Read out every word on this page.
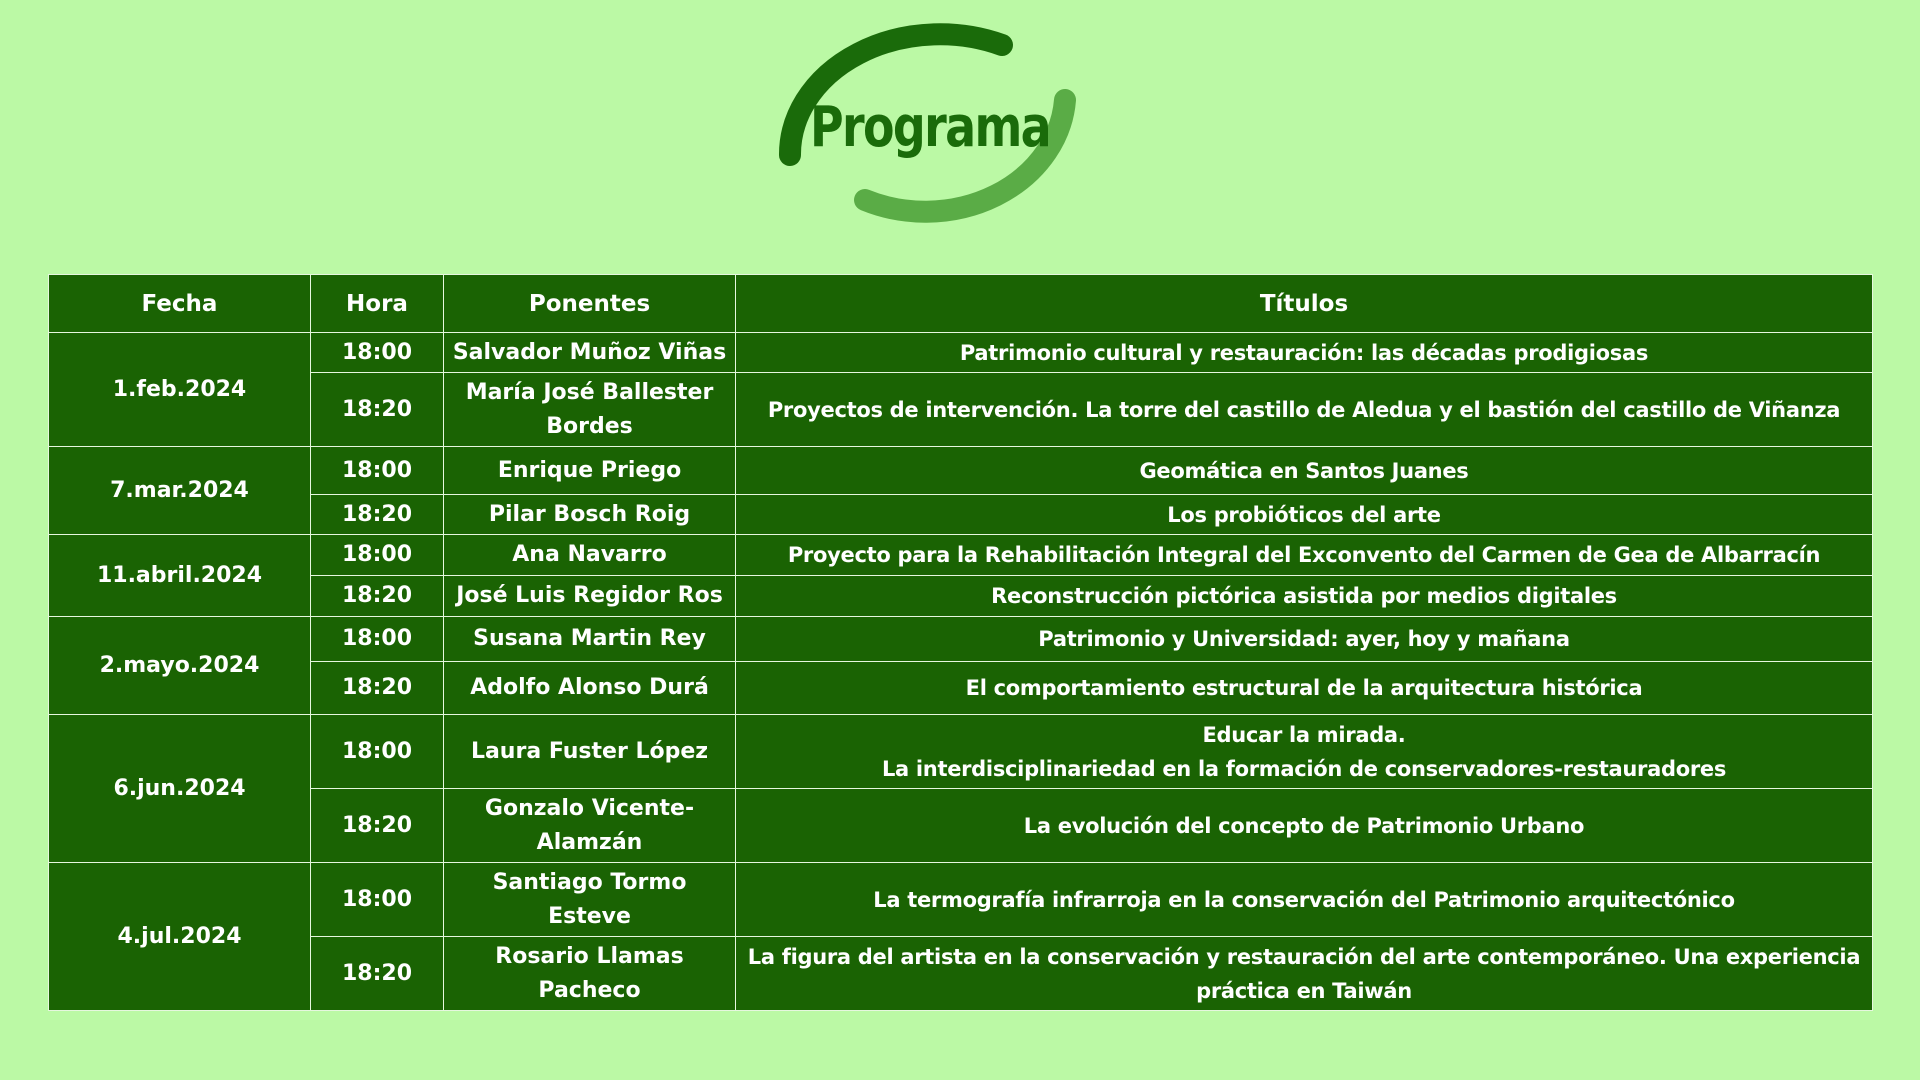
Programa
Fecha	Hora	Ponentes	Títulos
1.feb.2024	18:00	Salvador Muñoz Viñas	Patrimonio cultural y restauración: las décadas prodigiosas
	18:20	María José Ballester Bordes	Proyectos de intervención. La torre del castillo de Aledua y el bastión del castillo de Viñanza
7.mar.2024	18:00	Enrique Priego	Geomática en Santos Juanes
	18:20	Pilar Bosch Roig	Los probióticos del arte
11.abril.2024	18:00	Ana Navarro	Proyecto para la Rehabilitación Integral del Exconvento del Carmen de Gea de Albarracín
	18:20	José Luis Regidor Ros	Reconstrucción pictórica asistida por medios digitales
2.mayo.2024	18:00	Susana Martin Rey	Patrimonio y Universidad: ayer, hoy y mañana
	18:20	Adolfo Alonso Durá	El comportamiento estructural de la arquitectura histórica
6.jun.2024	18:00	Laura Fuster López	Educar la mirada.
La interdisciplinariedad en la formación de conservadores-restauradores

	18:20	Gonzalo Vicente-Alamzán	La evolución del concepto de Patrimonio Urbano
4.jul.2024	18:00	Santiago Tormo Esteve	La termografía infrarroja en la conservación del Patrimonio arquitectónico
	18:20	Rosario Llamas Pacheco	La figura del artista en la conservación y restauración del arte contemporáneo. Una experiencia práctica en Taiwán
